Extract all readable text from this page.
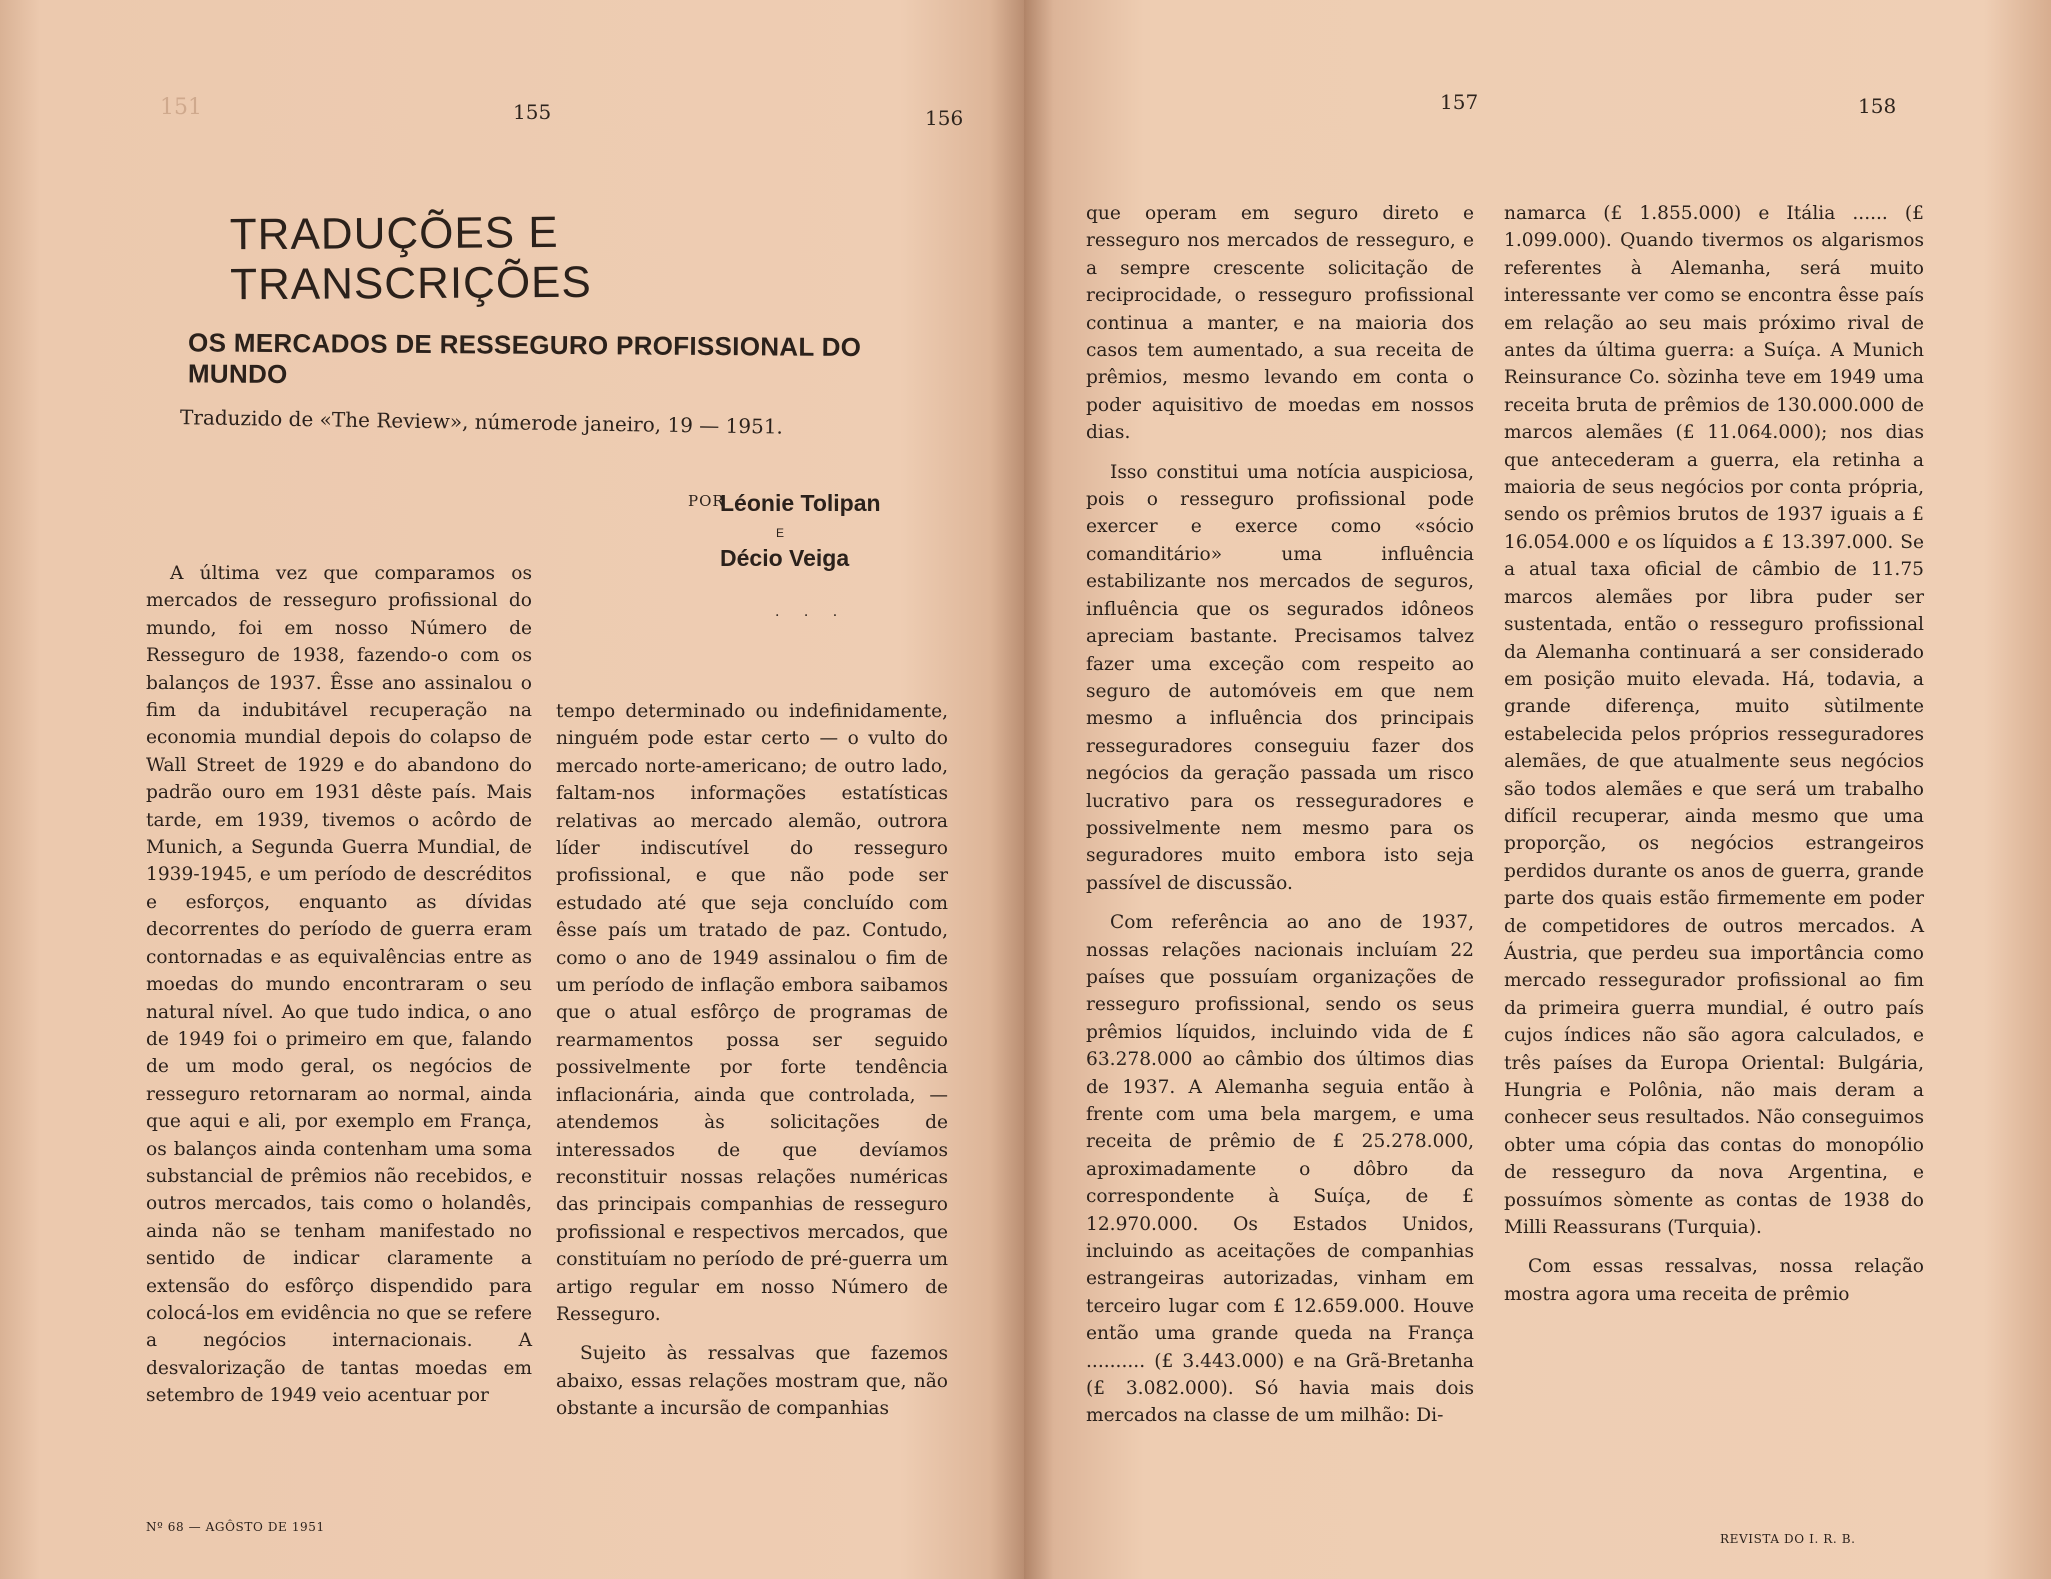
151	155	156
TRADUÇÕES E TRANSCRIÇÕES
OS MERCADOS DE RESSEGURO PROFISSIONAL DO MUNDO
Traduzido de «The Review», númerode janeiro, 19 — 1951.
POR
Léonie Tolipan
E
Décio Veiga
· · ·

A última vez que comparamos os mercados de resseguro profissional do mundo, foi em nosso Número de Resseguro de 1938, fazendo-o com os balanços de 1937. Êsse ano assinalou o fim da indubitável recuperação na economia mundial depois do colapso de Wall Street de 1929 e do abandono do padrão ouro em 1931 dêste país. Mais tarde, em 1939, tivemos o acôrdo de Munich, a Segunda Guerra Mundial, de 1939-1945, e um período de descréditos e esforços, enquanto as dívidas decorrentes do período de guerra eram contornadas e as equivalências entre as moedas do mundo encontraram o seu natural nível. Ao que tudo indica, o ano de 1949 foi o primeiro em que, falando de um modo geral, os negócios de resseguro retornaram ao normal, ainda que aqui e ali, por exemplo em França, os balanços ainda contenham uma soma substancial de prêmios não recebidos, e outros mercados, tais como o holandês, ainda não se tenham manifestado no sentido de indicar claramente a extensão do esfôrço dispendido para colocá-los em evidência no que se refere a negócios internacionais. A desvalorização de tantas moedas em setembro de 1949 veio acentuar por

tempo determinado ou indefinidamente, ninguém pode estar certo — o vulto do mercado norte-americano; de outro lado, faltam-nos informações estatísticas relativas ao mercado alemão, outrora líder indiscutível do resseguro profissional, e que não pode ser estudado até que seja concluído com êsse país um tratado de paz. Contudo, como o ano de 1949 assinalou o fim de um período de inflação embora saibamos que o atual esfôrço de programas de rearmamentos possa ser seguido possivelmente por forte tendência inflacionária, ainda que controlada, — atendemos às solicitações de interessados de que devíamos reconstituir nossas relações numéricas das principais companhias de resseguro profissional e respectivos mercados, que constituíam no período de pré-guerra um artigo regular em nosso Número de Resseguro.

Sujeito às ressalvas que fazemos abaixo, essas relações mostram que, não obstante a incursão de companhias

Nº 68 — AGÔSTO DE 1951
157	158

que operam em seguro direto e resseguro nos mercados de resseguro, e a sempre crescente solicitação de reciprocidade, o resseguro profissional continua a manter, e na maioria dos casos tem aumentado, a sua receita de prêmios, mesmo levando em conta o poder aquisitivo de moedas em nossos dias.

Isso constitui uma notícia auspiciosa, pois o resseguro profissional pode exercer e exerce como «sócio comanditário» uma influência estabilizante nos mercados de seguros, influência que os segurados idôneos apreciam bastante. Precisamos talvez fazer uma exceção com respeito ao seguro de automóveis em que nem mesmo a influência dos principais resseguradores conseguiu fazer dos negócios da geração passada um risco lucrativo para os resseguradores e possivelmente nem mesmo para os seguradores muito embora isto seja passível de discussão.

Com referência ao ano de 1937, nossas relações nacionais incluíam 22 países que possuíam organizações de resseguro profissional, sendo os seus prêmios líquidos, incluindo vida de £ 63.278.000 ao câmbio dos últimos dias de 1937. A Alemanha seguia então à frente com uma bela margem, e uma receita de prêmio de £ 25.278.000, aproximadamente o dôbro da correspondente à Suíça, de £ 12.970.000. Os Estados Unidos, incluindo as aceitações de companhias estrangeiras autorizadas, vinham em terceiro lugar com £ 12.659.000. Houve então uma grande queda na França .......... (£ 3.443.000) e na Grã-Bretanha (£ 3.082.000). Só havia mais dois mercados na classe de um milhão: Di-

namarca (£ 1.855.000) e Itália ...... (£ 1.099.000). Quando tivermos os algarismos referentes à Alemanha, será muito interessante ver como se encontra êsse país em relação ao seu mais próximo rival de antes da última guerra: a Suíça. A Munich Reinsurance Co. sòzinha teve em 1949 uma receita bruta de prêmios de 130.000.000 de marcos alemães (£ 11.064.000); nos dias que antecederam a guerra, ela retinha a maioria de seus negócios por conta própria, sendo os prêmios brutos de 1937 iguais a £ 16.054.000 e os líquidos a £ 13.397.000. Se a atual taxa oficial de câmbio de 11.75 marcos alemães por libra puder ser sustentada, então o resseguro profissional da Alemanha continuará a ser considerado em posição muito elevada. Há, todavia, a grande diferença, muito sùtilmente estabelecida pelos próprios resseguradores alemães, de que atualmente seus negócios são todos alemães e que será um trabalho difícil recuperar, ainda mesmo que uma proporção, os negócios estrangeiros perdidos durante os anos de guerra, grande parte dos quais estão firmemente em poder de competidores de outros mercados. A Áustria, que perdeu sua importância como mercado ressegurador profissional ao fim da primeira guerra mundial, é outro país cujos índices não são agora calculados, e três países da Europa Oriental: Bulgária, Hungria e Polônia, não mais deram a conhecer seus resultados. Não conseguimos obter uma cópia das contas do monopólio de resseguro da nova Argentina, e possuímos sòmente as contas de 1938 do Milli Reassurans (Turquia).

Com essas ressalvas, nossa relação mostra agora uma receita de prêmio

REVISTA DO I. R. B.
